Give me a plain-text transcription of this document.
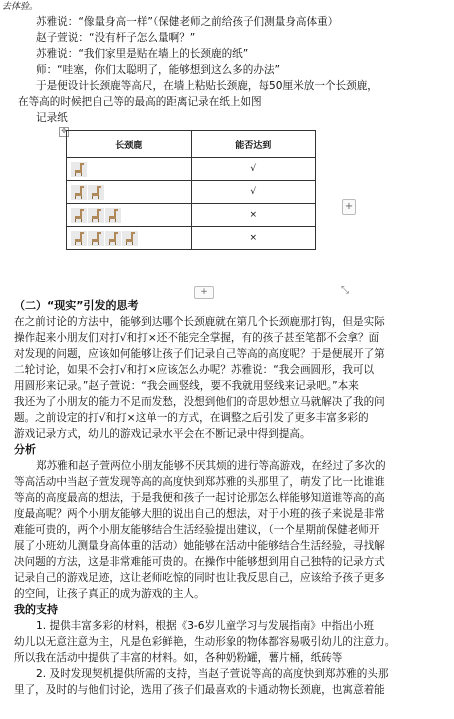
去体验。
苏雅说：“像量身高一样”（保健老师之前给孩子们测量身高体重）
赵子萱说：“没有杆子怎么量啊？”
苏雅说：“我们家里是贴在墙上的长颈鹿的纸”
师：“哇塞，你们太聪明了，能够想到这么多的办法”
于是便设计长颈鹿等高尺，在墙上粘贴长颈鹿，每50厘米放一个长颈鹿，
在等高的时候把自己等的最高的距离记录在纸上如图
记录纸
✥
长颈鹿	能否达到
	√
	√
	×
	×
+
+	⤡
（二）“现实”引发的思考
在之前讨论的方法中，能够到达哪个长颈鹿就在第几个长颈鹿那打钩，但是实际
操作起来小朋友们对打√和打×还不能完全掌握，有的孩子甚至笔都不会拿？面
对发现的问题，应该如何能够让孩子们记录自己等高的高度呢？于是便展开了第
二轮讨论，如果不会打√和打×应该怎么办呢？苏雅说：“我会画圆形，我可以
用圆形来记录。”赵子萱说：“我会画竖线，要不我就用竖线来记录吧。”本来
我还为了小朋友的能力不足而发愁，没想到他们的奇思妙想立马就解决了我的问
题。之前设定的打√和打×这单一的方式，在调整之后引发了更多丰富多彩的
游戏记录方式，幼儿的游戏记录水平会在不断记录中得到提高。
分析
郑苏雅和赵子萱两位小朋友能够不厌其烦的进行等高游戏，在经过了多次的
等高活动中当赵子萱发现等高的高度快到郑苏雅的头那里了，萌发了比一比谁谁
等高的高度最高的想法，于是我便和孩子一起讨论那怎么样能够知道谁等高的高
度最高呢？两个小朋友能够大胆的说出自己的想法，对于小班的孩子来说是非常
难能可贵的，两个小朋友能够结合生活经验提出建议，（一个星期前保健老师开
展了小班幼儿测量身高体重的活动）她能够在活动中能够结合生活经验，寻找解
决问题的方法，这是非常难能可贵的。在操作中能够想到用自己独特的记录方式
记录自己的游戏足迹，这让老师吃惊的同时也让我反思自己，应该给予孩子更多
的空间，让孩子真正的成为游戏的主人。
我的支持
1. 提供丰富多彩的材料，根据《3-6岁儿童学习与发展指南》中指出小班
幼儿以无意注意为主，凡是色彩鲜艳，生动形象的物体都容易吸引幼儿的注意力。
所以我在活动中提供了丰富的材料。如，各种奶粉罐，薯片桶，纸砖等
2. 及时发现契机提供所需的支持，当赵子萱说等高的高度快到郑苏雅的头那
里了，及时的与他们讨论，选用了孩子们最喜欢的卡通动物长颈鹿，也寓意着能
